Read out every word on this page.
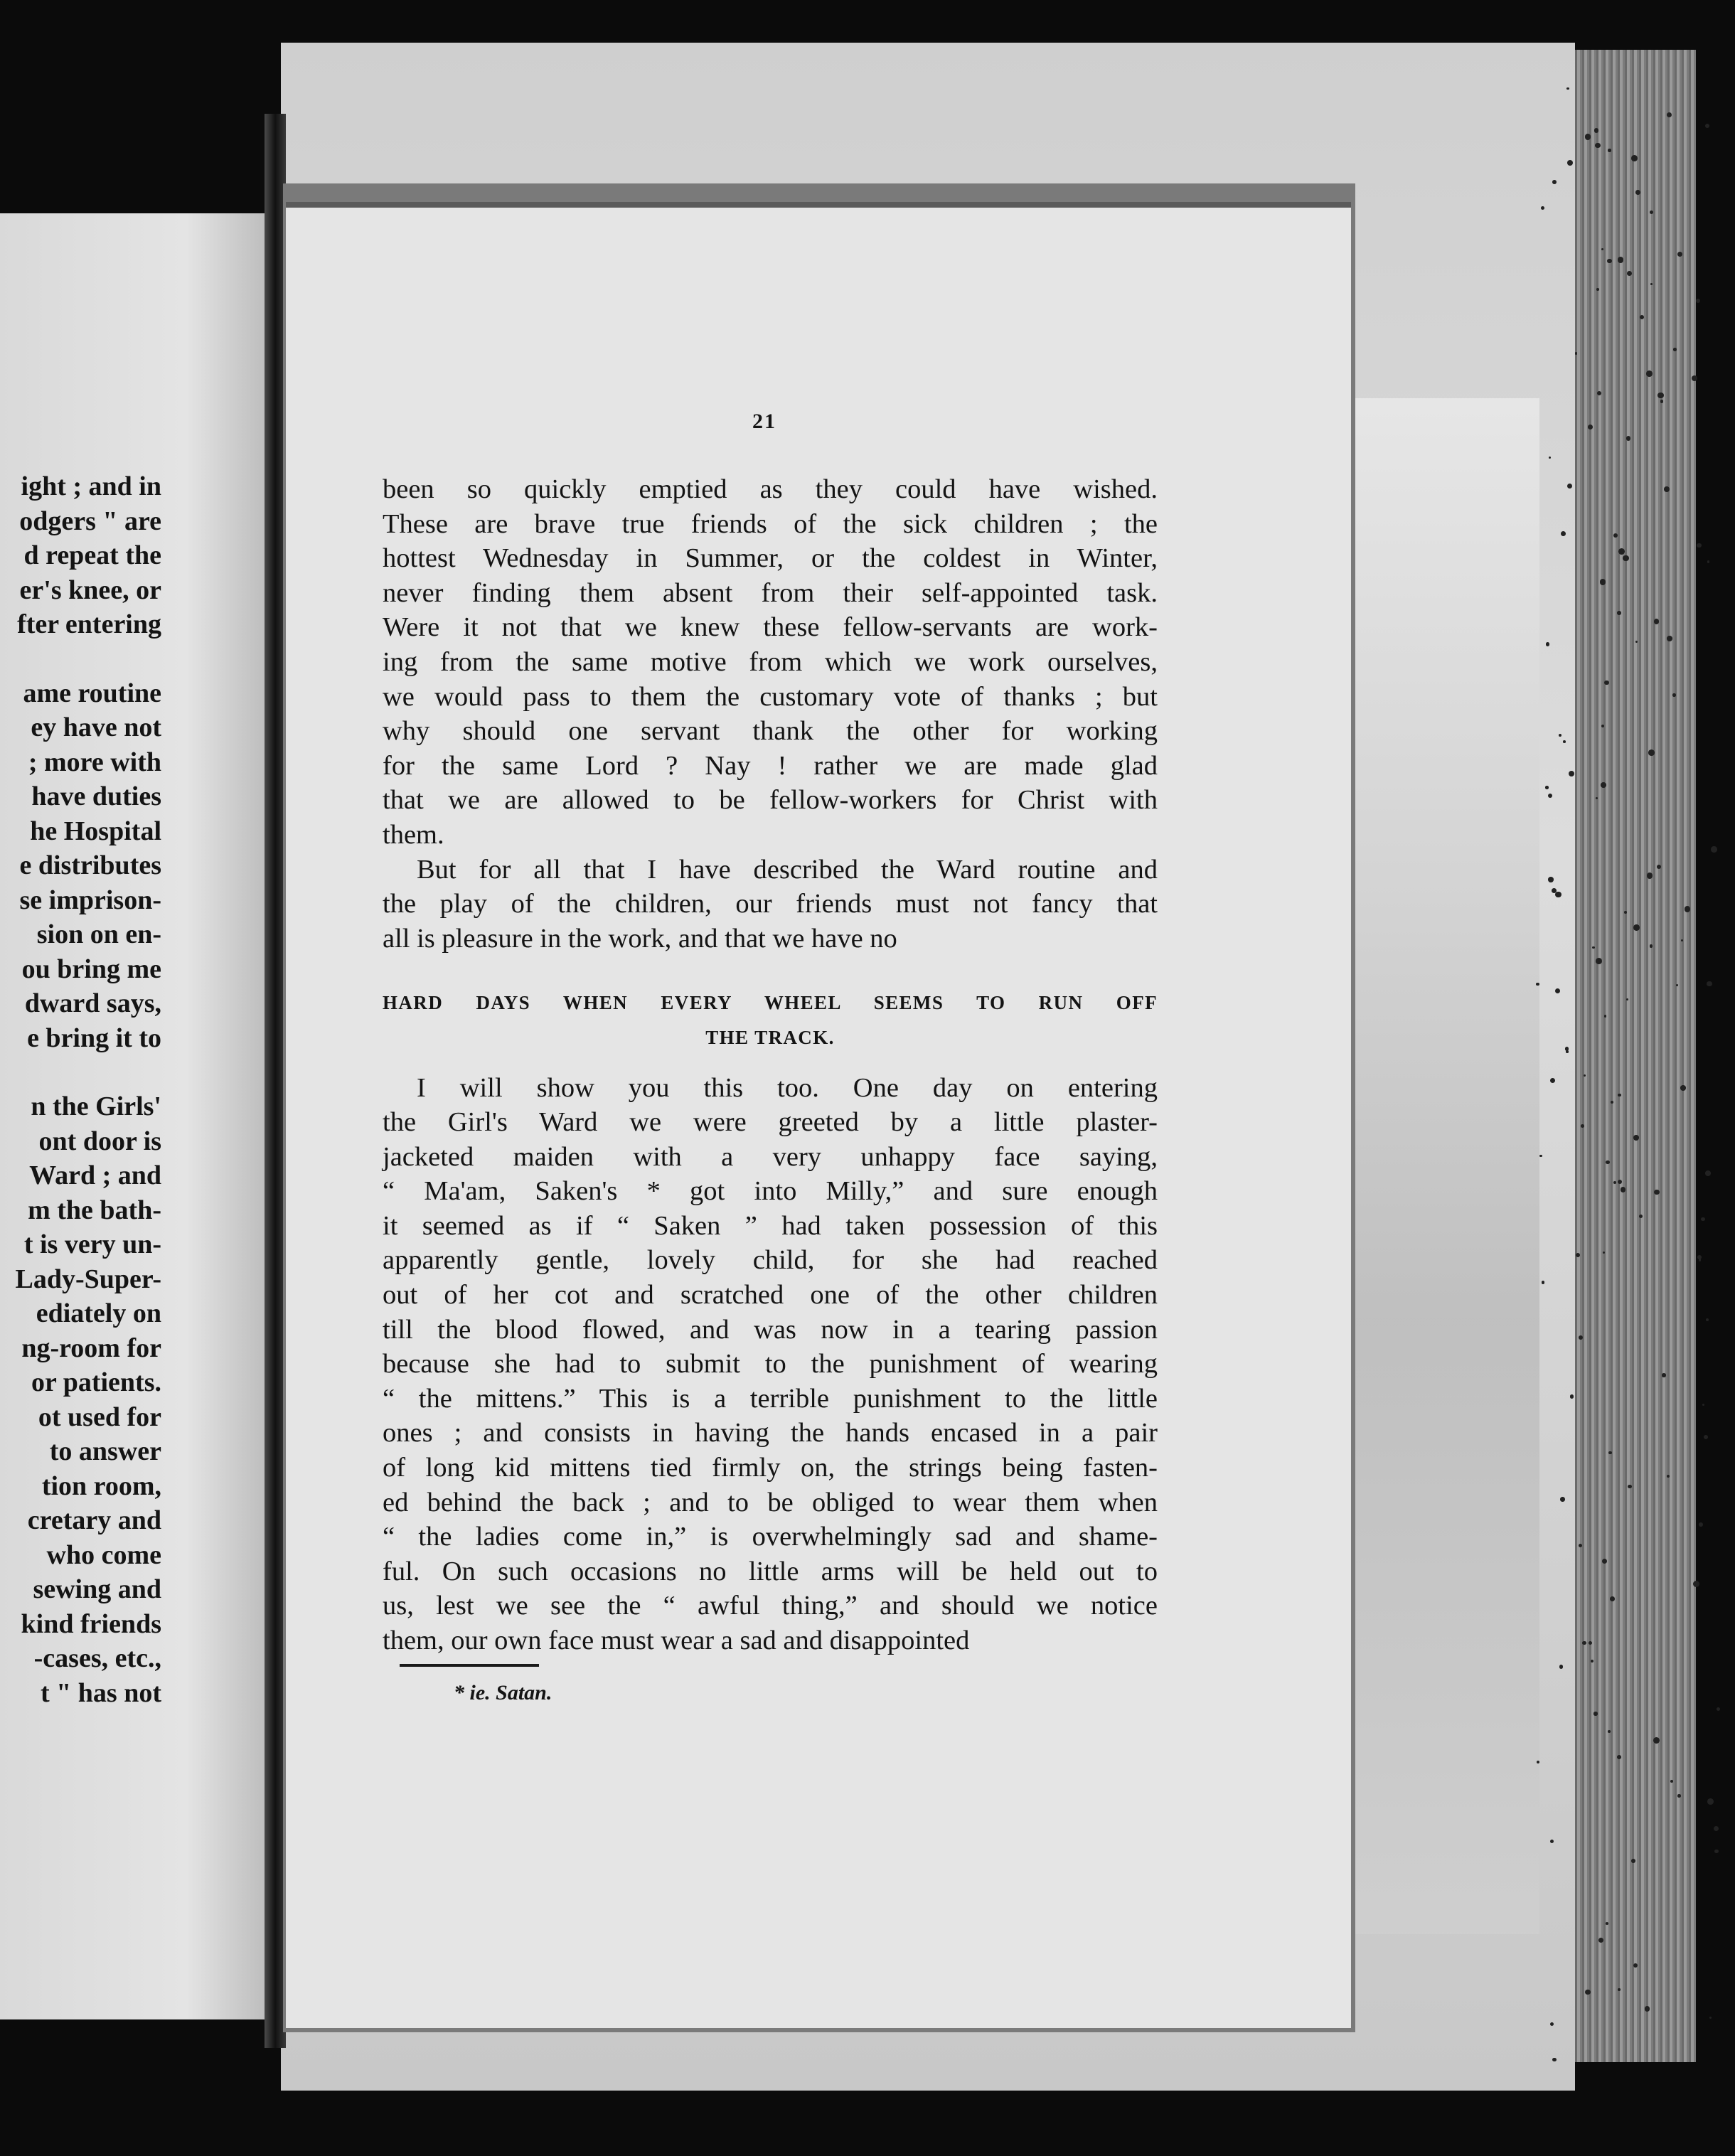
ight ; and in
odgers " are
d repeat the
er's knee, or
fter entering
ame routine
ey have not
; more with
have duties
he Hospital
e distributes
se imprison-
sion on en-
ou bring me
dward says,
e bring it to
n the Girls'
ont door is
Ward ; and
m the bath-
t is very un-
Lady-Super-
ediately on
ng-room for
or patients.
ot used for
to answer
tion room,
cretary and
who come
sewing and
kind friends
-cases, etc.,
t " has not
21
been so quickly emptied as they could have wished.
These are brave true friends of the sick children ; the
hottest Wednesday in Summer, or the coldest in Winter,
never finding them absent from their self-appointed task.
Were it not that we knew these fellow-servants are work-
ing from the same motive from which we work ourselves,
we would pass to them the customary vote of thanks ; but
why should one servant thank the other for working
for the same Lord ? Nay ! rather we are made glad
that we are allowed to be fellow-workers for Christ with
them.
But for all that I have described the Ward routine and
the play of the children, our friends must not fancy that
all is pleasure in the work, and that we have no
HARD DAYS WHEN EVERY WHEEL SEEMS TO RUN OFF
THE TRACK.
I will show you this too. One day on entering
the Girl's Ward we were greeted by a little plaster-
jacketed maiden with a very unhappy face saying,
“ Ma'am, Saken's * got into Milly,” and sure enough
it seemed as if “ Saken ” had taken possession of this
apparently gentle, lovely child, for she had reached
out of her cot and scratched one of the other children
till the blood flowed, and was now in a tearing passion
because she had to submit to the punishment of wearing
“ the mittens.” This is a terrible punishment to the little
ones ; and consists in having the hands encased in a pair
of long kid mittens tied firmly on, the strings being fasten-
ed behind the back ; and to be obliged to wear them when
“ the ladies come in,” is overwhelmingly sad and shame-
ful. On such occasions no little arms will be held out to
us, lest we see the “ awful thing,” and should we notice
them, our own face must wear a sad and disappointed
* ie. Satan.
